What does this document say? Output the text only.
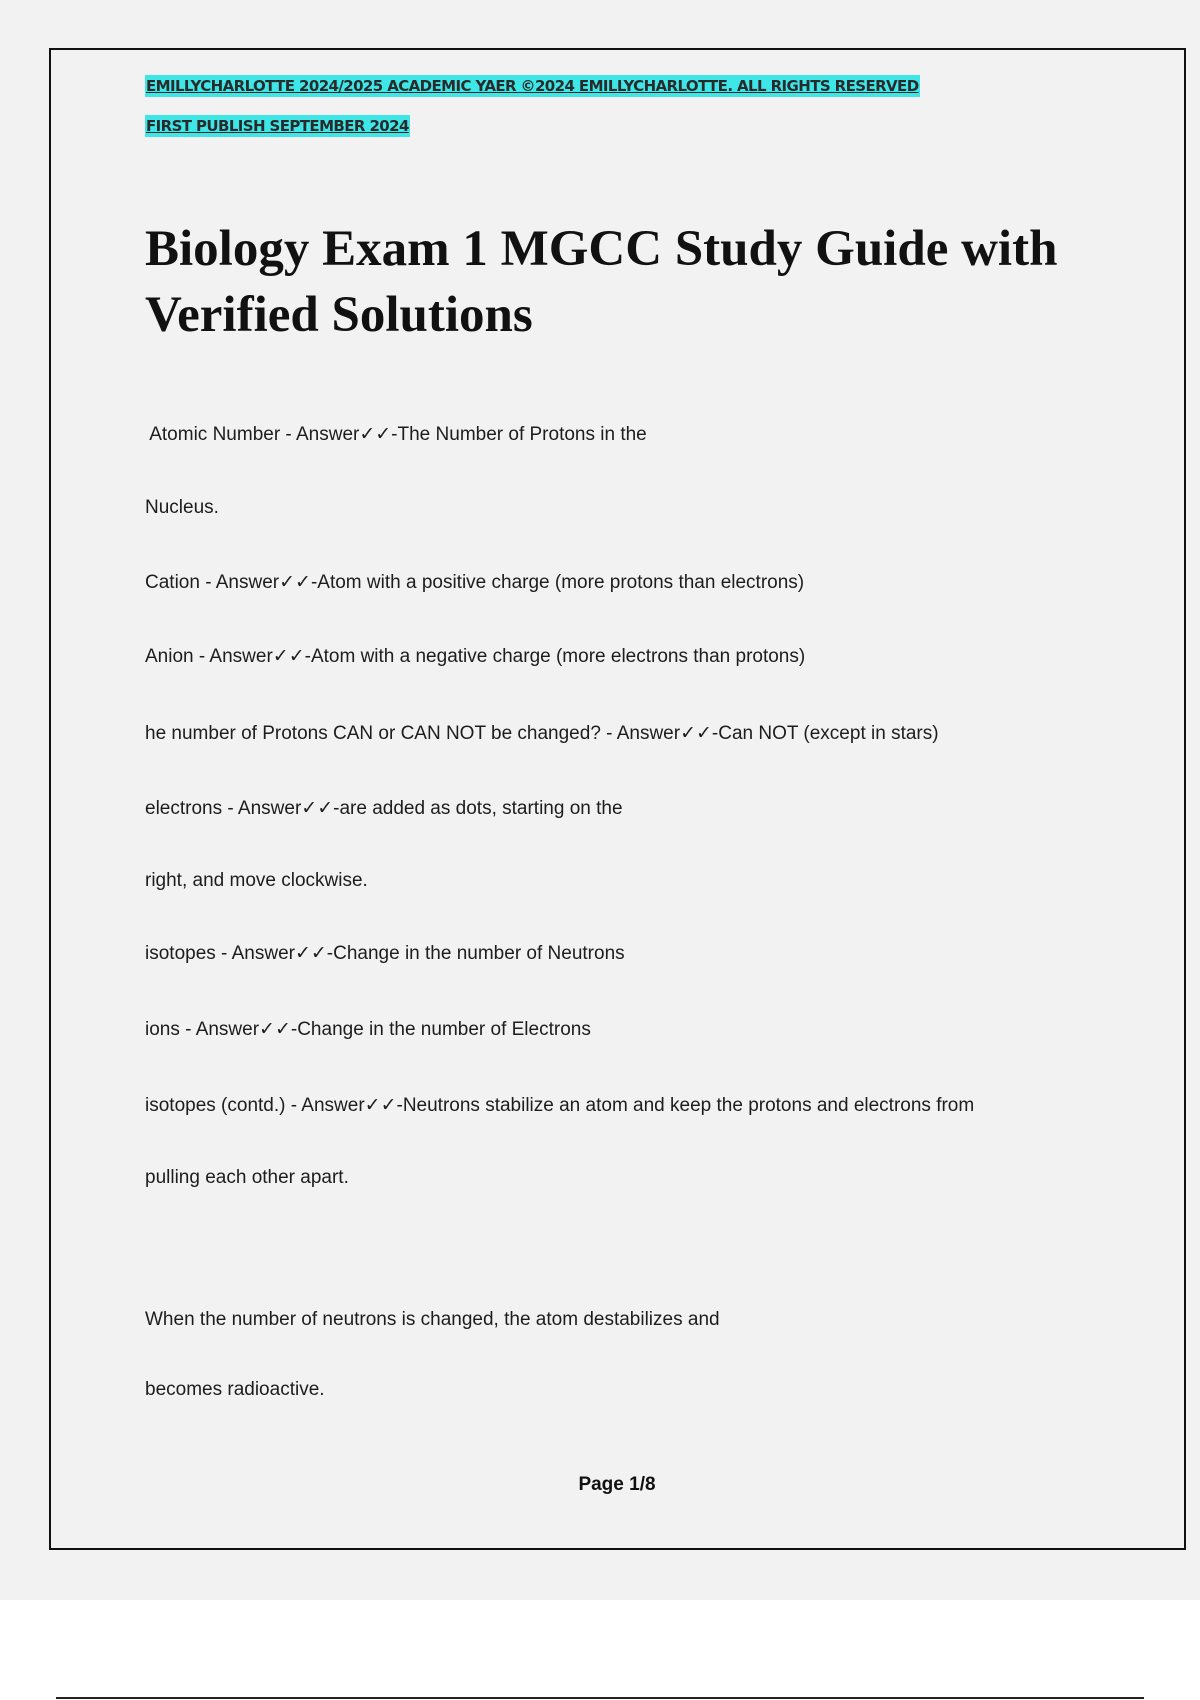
EMILLYCHARLOTTE 2024/2025 ACADEMIC YAER ©2024 EMILLYCHARLOTTE. ALL RIGHTS RESERVED
FIRST PUBLISH SEPTEMBER 2024
Biology Exam 1 MGCC Study Guide with
Verified Solutions
Atomic Number - Answer✓✓-The Number of Protons in the
Nucleus.
Cation - Answer✓✓-Atom with a positive charge (more protons than electrons)
Anion - Answer✓✓-Atom with a negative charge (more electrons than protons)
he number of Protons CAN or CAN NOT be changed? - Answer✓✓-Can NOT (except in stars)
electrons - Answer✓✓-are added as dots, starting on the
right, and move clockwise.
isotopes - Answer✓✓-Change in the number of Neutrons
ions - Answer✓✓-Change in the number of Electrons
isotopes (contd.) - Answer✓✓-Neutrons stabilize an atom and keep the protons and electrons from
pulling each other apart.
When the number of neutrons is changed, the atom destabilizes and
becomes radioactive.
Page 1/8
